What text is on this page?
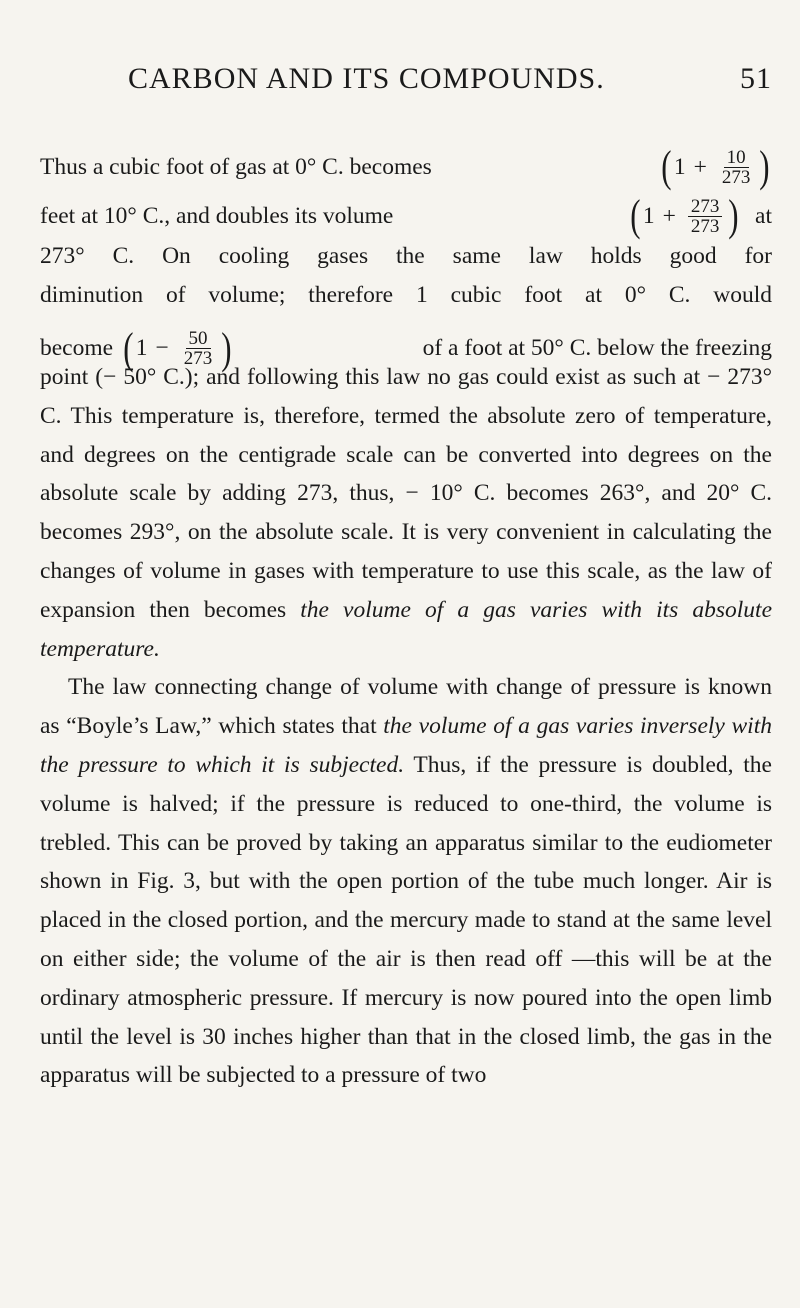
CARBON AND ITS COMPOUNDS.	51
Thus a cubic foot of gas at 0° C. becomes	( $1 + \frac{10}{273}$ )
feet at 10° C., and doubles its volume	( $1 + \frac{273}{273}$ ) at
273° C. On cooling gases the same law holds good for
diminution of volume; therefore 1 cubic foot at 0° C. would
become ( $1 - \frac{50}{273}$ )	of a foot at 50° C. below the freezing

point (− 50° C.); and following this law no gas could exist as such at − 273° C. This temperature is, therefore, termed the absolute zero of temperature, and degrees on the centigrade scale can be converted into degrees on the absolute scale by adding 273, thus, − 10° C. becomes 263°, and 20° C. becomes 293°, on the absolute scale. It is very convenient in calculating the changes of volume in gases with temperature to use this scale, as the law of expansion then becomes the volume of a gas varies with its absolute temperature.

The law connecting change of volume with change of pressure is known as “Boyle’s Law,” which states that the volume of a gas varies inversely with the pressure to which it is subjected. Thus, if the pressure is doubled, the volume is halved; if the pressure is reduced to one-third, the volume is trebled. This can be proved by taking an apparatus similar to the eudiometer shown in Fig. 3, but with the open portion of the tube much longer. Air is placed in the closed portion, and the mercury made to stand at the same level on either side; the volume of the air is then read off —this will be at the ordinary atmospheric pressure. If mercury is now poured into the open limb until the level is 30 inches higher than that in the closed limb, the gas in the apparatus will be subjected to a pressure of two
